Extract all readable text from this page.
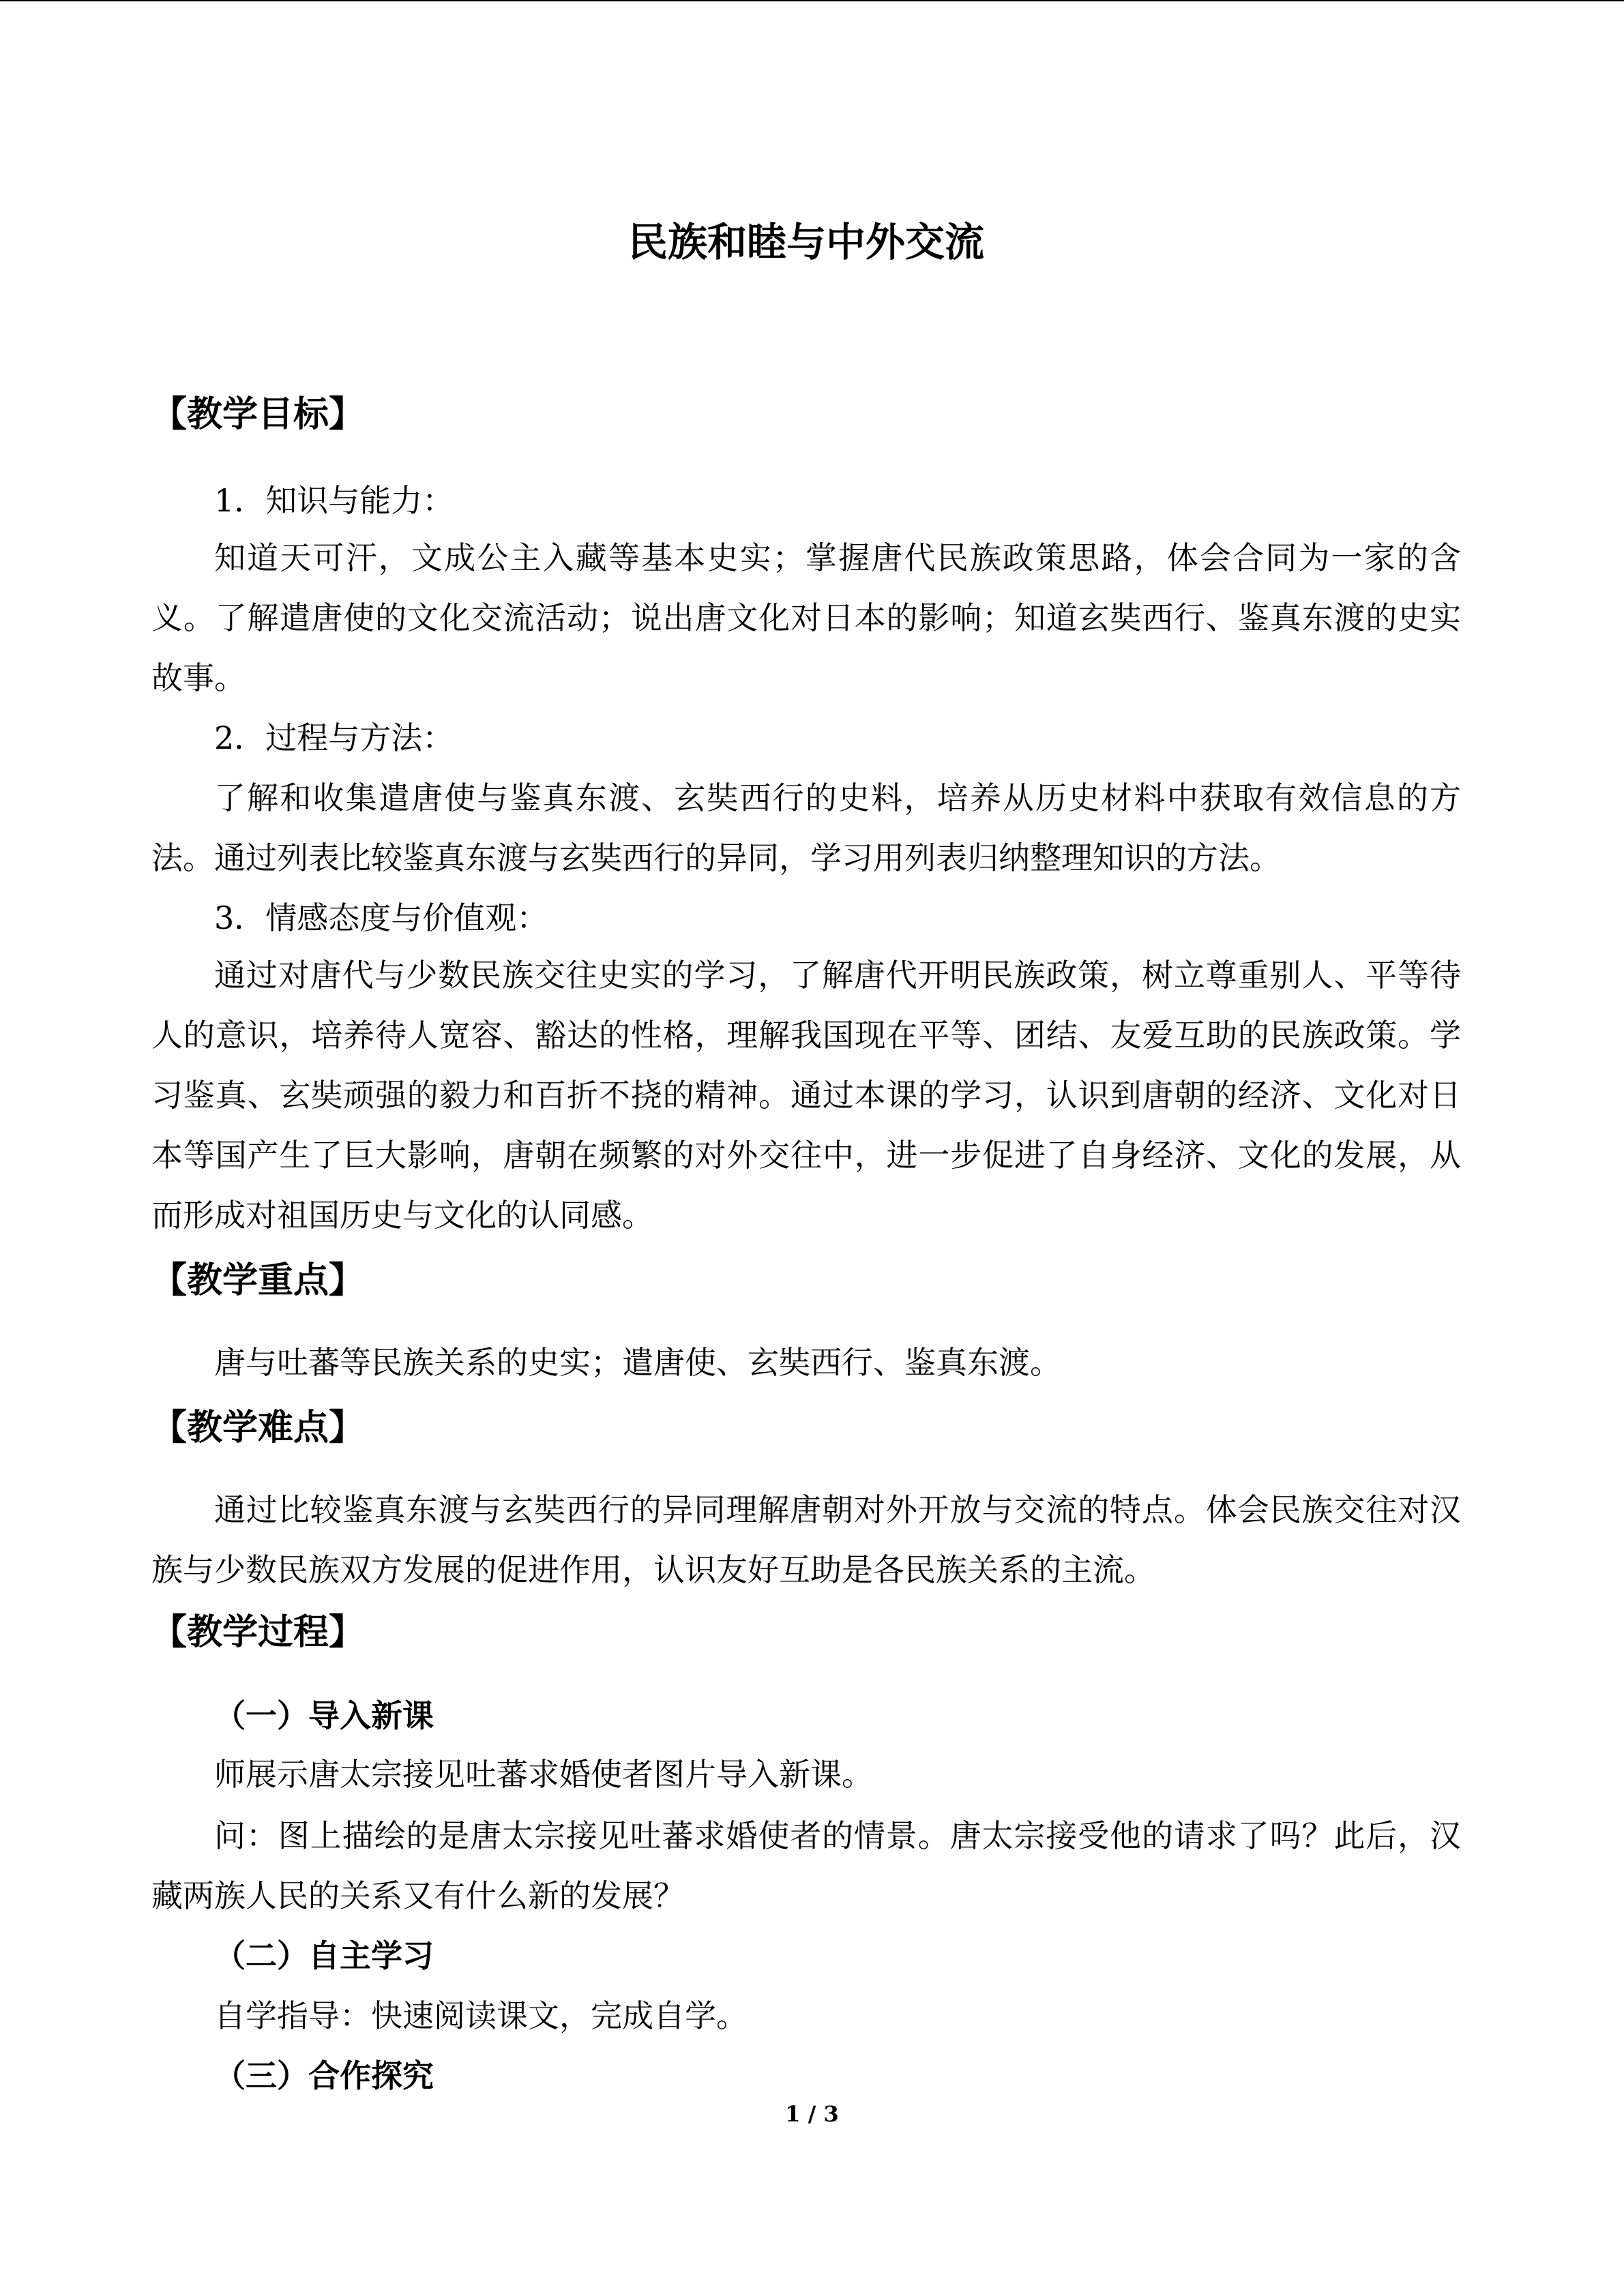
民族和睦与中外交流
【教学目标】
1．知识与能力：
知道天可汗，文成公主入藏等基本史实；掌握唐代民族政策思路，体会合同为一家的含义。了解遣唐使的文化交流活动；说出唐文化对日本的影响；知道玄奘西行、鉴真东渡的史实故事。
2．过程与方法：
了解和收集遣唐使与鉴真东渡、玄奘西行的史料，培养从历史材料中获取有效信息的方法。通过列表比较鉴真东渡与玄奘西行的异同，学习用列表归纳整理知识的方法。
3．情感态度与价值观：
通过对唐代与少数民族交往史实的学习，了解唐代开明民族政策，树立尊重别人、平等待人的意识，培养待人宽容、豁达的性格，理解我国现在平等、团结、友爱互助的民族政策。学习鉴真、玄奘顽强的毅力和百折不挠的精神。通过本课的学习，认识到唐朝的经济、文化对日本等国产生了巨大影响，唐朝在频繁的对外交往中，进一步促进了自身经济、文化的发展，从而形成对祖国历史与文化的认同感。
【教学重点】
唐与吐蕃等民族关系的史实；遣唐使、玄奘西行、鉴真东渡。
【教学难点】
通过比较鉴真东渡与玄奘西行的异同理解唐朝对外开放与交流的特点。体会民族交往对汉族与少数民族双方发展的促进作用，认识友好互助是各民族关系的主流。
【教学过程】
（一）导入新课
师展示唐太宗接见吐蕃求婚使者图片导入新课。
问：图上描绘的是唐太宗接见吐蕃求婚使者的情景。唐太宗接受他的请求了吗？此后，汉藏两族人民的关系又有什么新的发展？
（二）自主学习
自学指导：快速阅读课文，完成自学。
（三）合作探究
1 / 3
